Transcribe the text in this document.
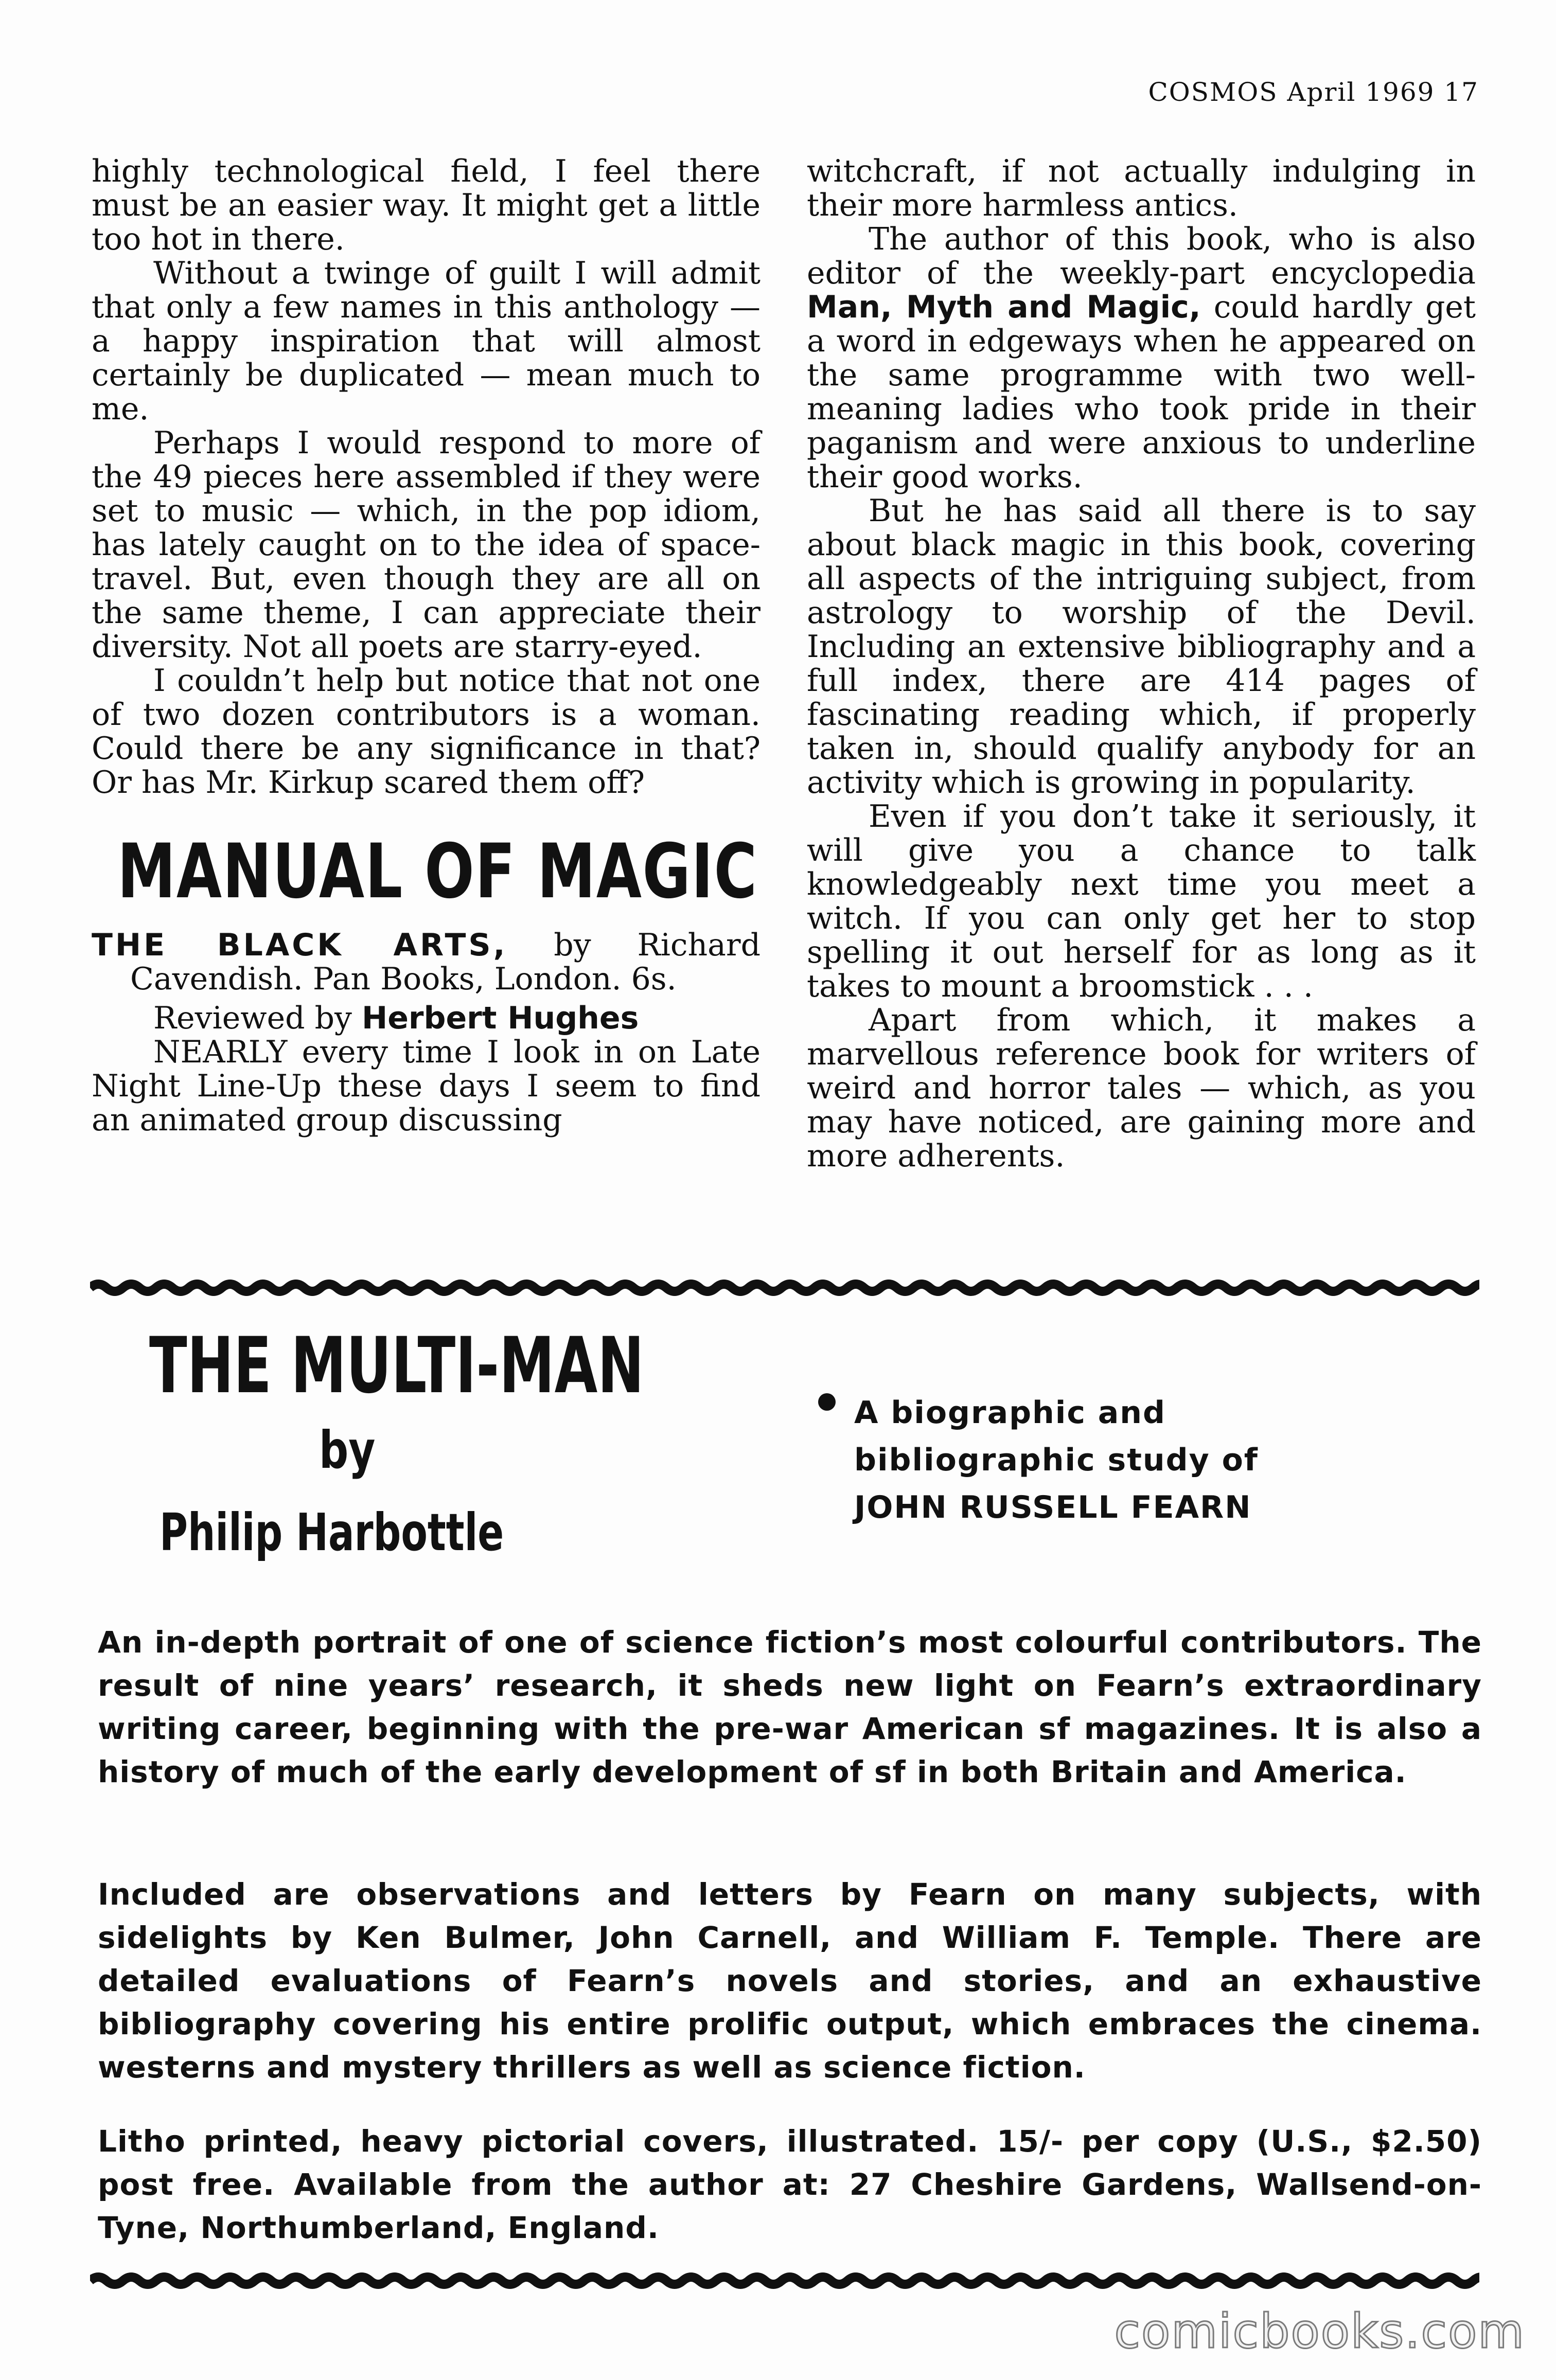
COSMOS April 1969 17

highly technological field, I feel there must be an easier way. It might get a little too hot in there.

Without a twinge of guilt I will admit that only a few names in this anthology — a happy inspiration that will almost certainly be duplicated — mean much to me.

Perhaps I would respond to more of the 49 pieces here assembled if they were set to music — which, in the pop idiom, has lately caught on to the idea of space-travel. But, even though they are all on the same theme, I can appreciate their diversity. Not all poets are starry-eyed.

I couldn’t help but notice that not one of two dozen contributors is a woman. Could there be any significance in that? Or has Mr. Kirkup scared them off?

MANUAL OF MAGIC

THE BLACK ARTS, by Richard Cavendish. Pan Books, London. 6s.

Reviewed by Herbert Hughes

NEARLY every time I look in on Late Night Line-Up these days I seem to find an animated group discussing

witchcraft, if not actually indulging in their more harmless antics.

The author of this book, who is also editor of the weekly-part encyclopedia Man, Myth and Magic, could hardly get a word in edgeways when he appeared on the same programme with two well-meaning ladies who took pride in their paganism and were anxious to underline their good works.

But he has said all there is to say about black magic in this book, covering all aspects of the intriguing subject, from astrology to worship of the Devil. Including an extensive bibliography and a full index, there are 414 pages of fascinating reading which, if properly taken in, should qualify anybody for an activity which is growing in popularity.

Even if you don’t take it seriously, it will give you a chance to talk knowledgeably next time you meet a witch. If you can only get her to stop spelling it out herself for as long as it takes to mount a broomstick . . .

Apart from which, it makes a marvellous reference book for writers of weird and horror tales — which, as you may have noticed, are gaining more and more adherents.

THE MULTI-MAN
by
Philip Harbottle
A biographic and
bibliographic study of
JOHN RUSSELL FEARN
An in-depth portrait of one of science fiction’s most colourful contributors. The result of nine years’ research, it sheds new light on Fearn’s extraordinary writing career, beginning with the pre-war American sf magazines. It is also a history of much of the early development of sf in both Britain and America.
Included are observations and letters by Fearn on many subjects, with sidelights by Ken Bulmer, John Carnell, and William F. Temple. There are detailed evaluations of Fearn’s novels and stories, and an exhaustive bibliography covering his entire prolific output, which embraces the cinema. westerns and mystery thrillers as well as science fiction.
Litho printed, heavy pictorial covers, illustrated. 15/- per copy (U.S., $2.50) post free. Available from the author at: 27 Cheshire Gardens, Wallsend-on-Tyne, Northumberland, England.
comicbooks.com
